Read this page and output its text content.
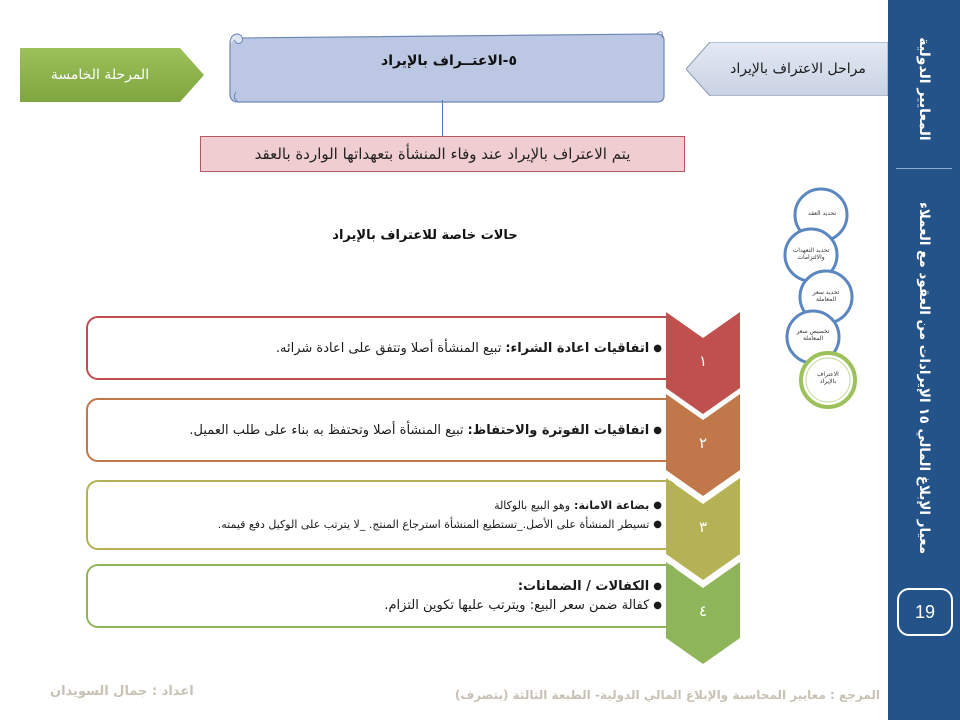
المعايير الدولية
معيار الإبلاغ المالي ١٥ الإيرادات من العقود مع العملاء
19
المرحلة الخامسة	مراحل الاعتراف بالإيراد
٥-الاعتــراف بالإيراد
يتم الاعتراف بالإيراد عند وفاء المنشأة بتعهداتها الواردة بالعقد
حالات خاصة للاعتراف بالإيراد
تحديد العقد
تحديد التعهدات والالتزامات
تحديد سعر المعاملة
تخصيص سعر المعاملة
الاعتراف بالإيراد
●
اتفاقيات اعادة الشراء:
تبيع المنشأة أصلا وتتفق على اعادة شرائه.
١
●
اتفاقيات الفوترة والاحتفاظ:
تبيع المنشأة أصلا وتحتفظ به بناء على طلب العميل.
٢
●
بضاعة الامانة:
وهو البيع بالوكالة
●
تسيطر المنشأة على الأصل._تستطيع المنشأة استرجاع المنتج. _لا يترتب على الوكيل دفع قيمته.	٣
●
الكفالات / الضمانات:
●
كفالة ضمن سعر البيع: ويترتب عليها تكوين التزام.	٤
اعداد : جمال السويدان	المرجع : معايير المحاسبة والإبلاغ المالي الدولية- الطبعة الثالثة (بتصرف)
